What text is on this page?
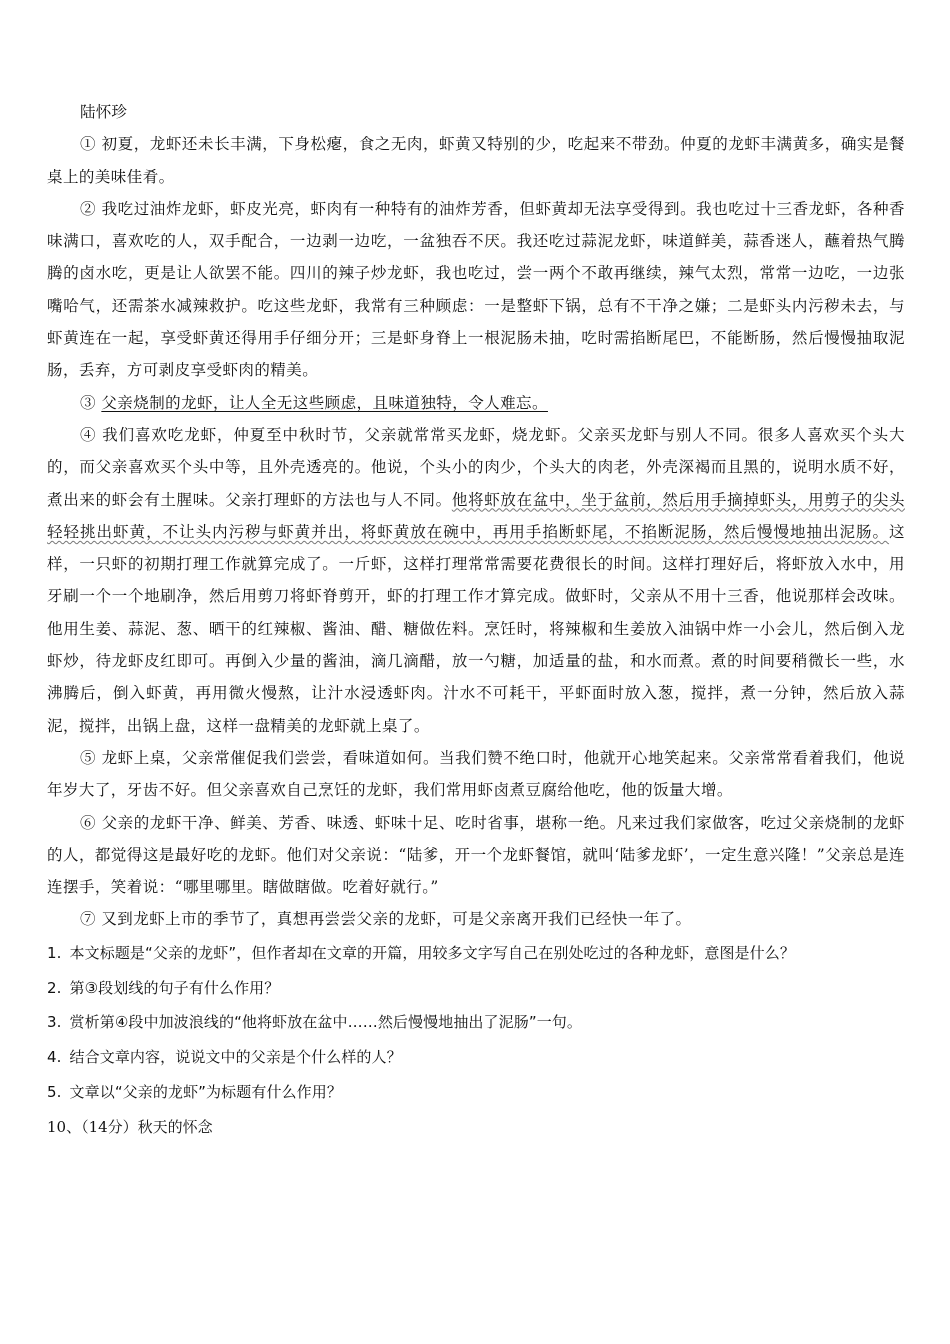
陆怀珍

① 初夏，龙虾还未长丰满，下身松瘪，食之无肉，虾黄又特别的少，吃起来不带劲。仲夏的龙虾丰满黄多，确实是餐桌上的美味佳肴。

② 我吃过油炸龙虾，虾皮光亮，虾肉有一种特有的油炸芳香，但虾黄却无法享受得到。我也吃过十三香龙虾，各种香味满口，喜欢吃的人，双手配合，一边剥一边吃，一盆独吞不厌。我还吃过蒜泥龙虾，味道鲜美，蒜香迷人，蘸着热气腾腾的卤水吃，更是让人欲罢不能。四川的辣子炒龙虾，我也吃过，尝一两个不敢再继续，辣气太烈，常常一边吃，一边张嘴哈气，还需茶水减辣救护。吃这些龙虾，我常有三种顾虑：一是整虾下锅，总有不干净之嫌；二是虾头内污秽未去，与虾黄连在一起，享受虾黄还得用手仔细分开；三是虾身脊上一根泥肠未抽，吃时需掐断尾巴，不能断肠，然后慢慢抽取泥肠，丢弃，方可剥皮享受虾肉的精美。

③ 父亲烧制的龙虾，让人全无这些顾虑，且味道独特，令人难忘。

④ 我们喜欢吃龙虾，仲夏至中秋时节，父亲就常常买龙虾，烧龙虾。父亲买龙虾与别人不同。很多人喜欢买个头大的，而父亲喜欢买个头中等，且外壳透亮的。他说，个头小的肉少，个头大的肉老，外壳深褐而且黑的，说明水质不好，煮出来的虾会有土腥味。父亲打理虾的方法也与人不同。他将虾放在盆中，坐于盆前，然后用手摘掉虾头，用剪子的尖头轻轻挑出虾黄，不让头内污秽与虾黄并出，将虾黄放在碗中，再用手掐断虾尾，不掐断泥肠，然后慢慢地抽出泥肠。这样，一只虾的初期打理工作就算完成了。一斤虾，这样打理常常需要花费很长的时间。这样打理好后，将虾放入水中，用牙刷一个一个地刷净，然后用剪刀将虾脊剪开，虾的打理工作才算完成。做虾时，父亲从不用十三香，他说那样会改味。他用生姜、蒜泥、葱、晒干的红辣椒、酱油、醋、糖做佐料。烹饪时，将辣椒和生姜放入油锅中炸一小会儿，然后倒入龙虾炒，待龙虾皮红即可。再倒入少量的酱油，滴几滴醋，放一勺糖，加适量的盐，和水而煮。煮的时间要稍微长一些，水沸腾后，倒入虾黄，再用微火慢熬，让汁水浸透虾肉。汁水不可耗干，平虾面时放入葱，搅拌，煮一分钟，然后放入蒜泥，搅拌，出锅上盘，这样一盘精美的龙虾就上桌了。

⑤ 龙虾上桌，父亲常催促我们尝尝，看味道如何。当我们赞不绝口时，他就开心地笑起来。父亲常常看着我们，他说年岁大了，牙齿不好。但父亲喜欢自己烹饪的龙虾，我们常用虾卤煮豆腐给他吃，他的饭量大增。

⑥ 父亲的龙虾干净、鲜美、芳香、味透、虾味十足、吃时省事，堪称一绝。凡来过我们家做客，吃过父亲烧制的龙虾的人，都觉得这是最好吃的龙虾。他们对父亲说：“陆爹，开一个龙虾餐馆，就叫‘陆爹龙虾’，一定生意兴隆！”父亲总是连连摆手，笑着说：“哪里哪里。瞎做瞎做。吃着好就行。”

⑦ 又到龙虾上市的季节了，真想再尝尝父亲的龙虾，可是父亲离开我们已经快一年了。

1. 本文标题是“父亲的龙虾”，但作者却在文章的开篇，用较多文字写自己在别处吃过的各种龙虾，意图是什么？

2. 第③段划线的句子有什么作用？

3. 赏析第④段中加波浪线的“他将虾放在盆中……然后慢慢地抽出了泥肠”一句。

4. 结合文章内容，说说文中的父亲是个什么样的人？

5. 文章以“父亲的龙虾”为标题有什么作用？

10、（14分）秋天的怀念
